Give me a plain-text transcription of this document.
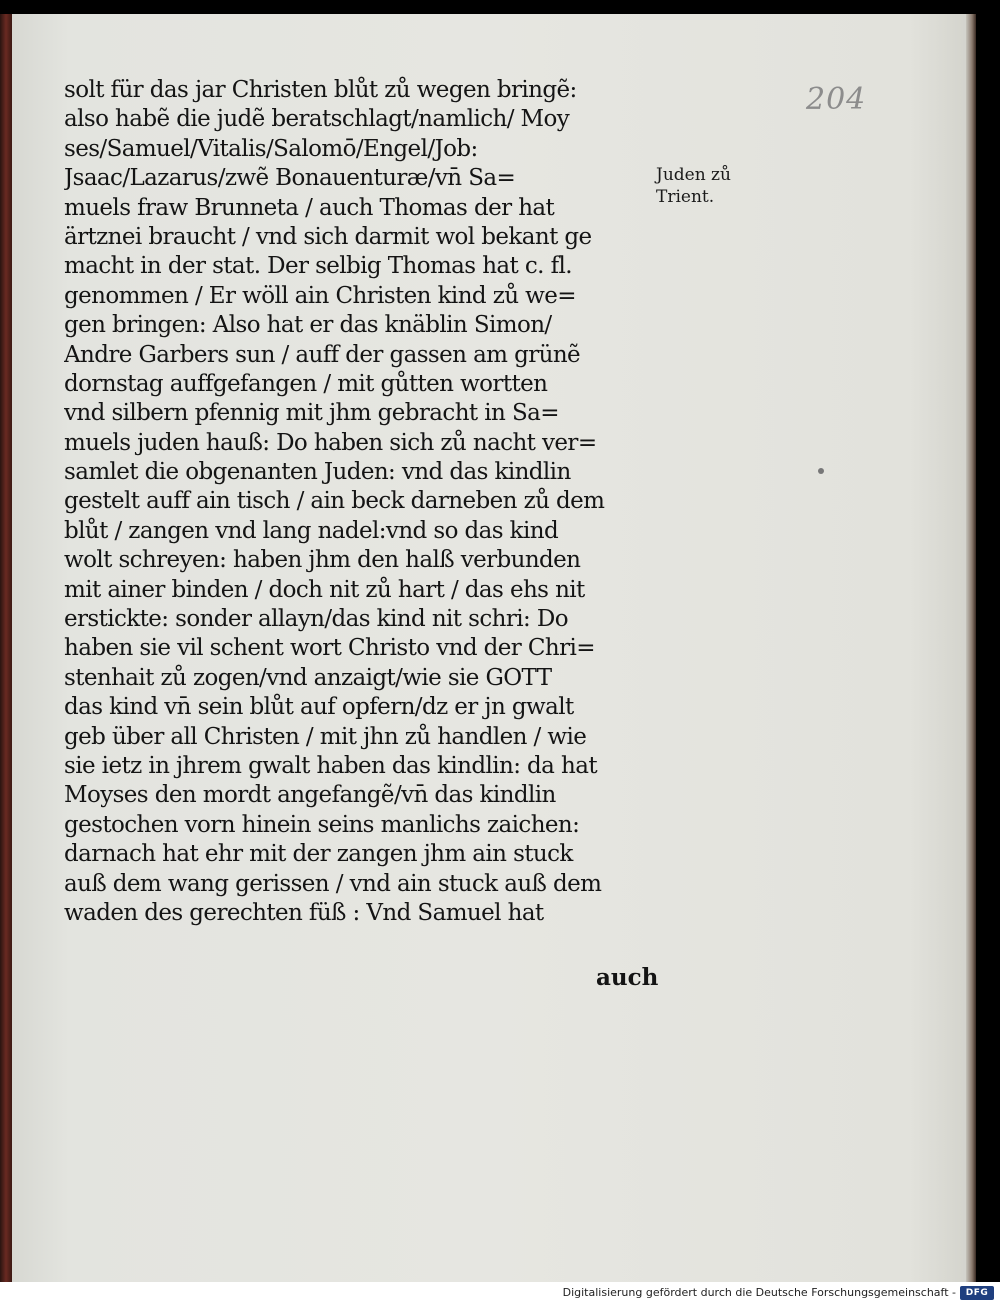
204
Juden zů
Trient.
solt für das jar Christen blůt zů wegen bringẽ:
also habẽ die judẽ beratschlagt/namlich/ Moy
ses/Samuel/Vitalis/Salomō/Engel/Job:
Jsaac/Lazarus/zwẽ Bonauenturæ/vn̄ Sa=
muels fraw Brunneta / auch Thomas der hat
ärtznei braucht / vnd sich darmit wol bekant ge
macht in der stat. Der selbig Thomas hat c. fl.
genommen / Er wöll ain Christen kind zů we=
gen bringen: Also hat er das knäblin Simon/
Andre Garbers sun / auff der gassen am grünẽ
dornstag auffgefangen / mit gůtten wortten
vnd silbern pfennig mit jhm gebracht in Sa=
muels juden hauß: Do haben sich zů nacht ver=
samlet die obgenanten Juden: vnd das kindlin
gestelt auff ain tisch / ain beck darneben zů dem
blůt / zangen vnd lang nadel:vnd so das kind
wolt schreyen: haben jhm den halß verbunden
mit ainer binden / doch nit zů hart / das ehs nit
erstickte: sonder allayn/das kind nit schri: Do
haben sie vil schent wort Christo vnd der Chri=
stenhait zů zogen/vnd anzaigt/wie sie GOTT
das kind vn̄ sein blůt auf opfern/dz er jn gwalt
geb über all Christen / mit jhn zů handlen / wie
sie ietz in jhrem gwalt haben das kindlin: da hat
Moyses den mordt angefangẽ/vn̄ das kindlin
gestochen vorn hinein seins manlichs zaichen:
darnach hat ehr mit der zangen jhm ain stuck
auß dem wang gerissen / vnd ain stuck auß dem
waden des gerechten füß : Vnd Samuel hat
auch
Digitalisierung gefördert durch die Deutsche Forschungsgemeinschaft - DFG
